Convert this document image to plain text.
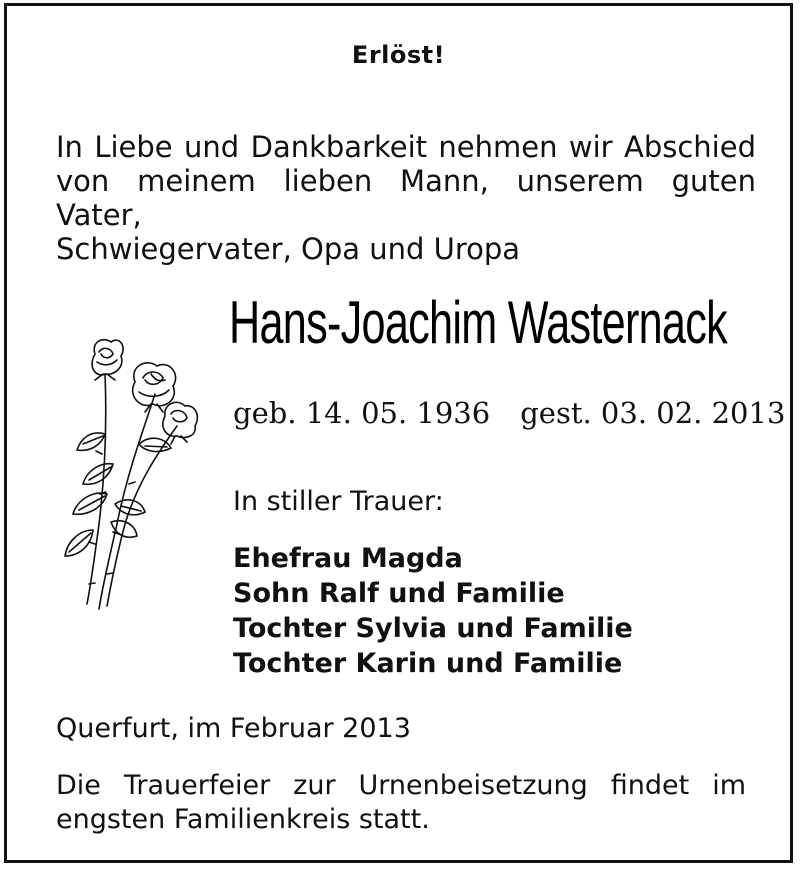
Erlöst!
In Liebe und Dankbarkeit nehmen wir Abschied
von meinem lieben Mann, unserem guten Vater,
Schwiegervater, Opa und Uropa
Hans-Joachim Wasternack
geb. 14. 05. 1936 gest. 03. 02. 2013
In stiller Trauer:
Ehefrau Magda
Sohn Ralf und Familie
Tochter Sylvia und Familie
Tochter Karin und Familie
Querfurt, im Februar 2013
Die Trauerfeier zur Urnenbeisetzung findet im
engsten Familienkreis statt.
